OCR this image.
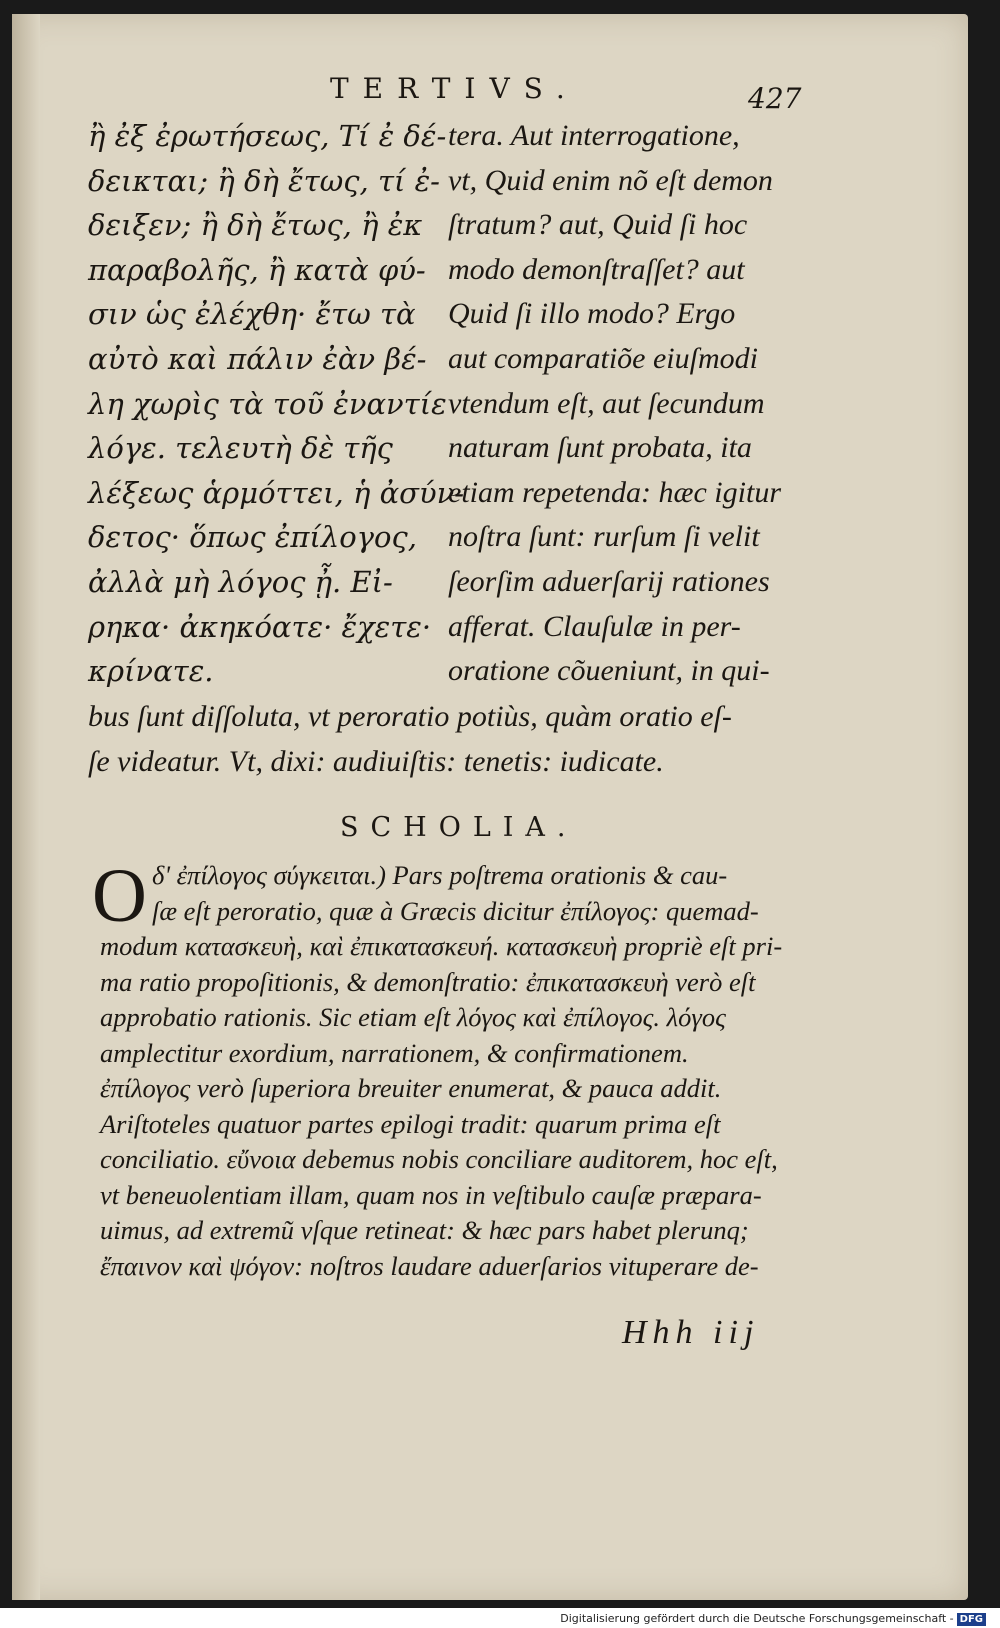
TERTIVS.	427
ἢ ἐξ ἐρωτήσεως, Τί ἐ δέ-
δεικται; ἢ δὴ ἔτως, τί ἐ-
δειξεν; ἢ δὴ ἔτως, ἢ ἐκ
παραβολῆς, ἢ κατὰ φύ-
σιν ὡς ἐλέχθη· ἔτω τὰ
αὐτὸ καὶ πάλιν ἐὰν βέ-
λη χωρὶς τὰ τοῦ ἐναντίε
λόγε. τελευτὴ δὲ τῆς
λέξεως ἁρμόττει, ἡ ἀσύν-
δετος· ὅπως ἐπίλογος,
ἀλλὰ μὴ λόγος ᾖ. Εἰ-
ρηκα· ἀκηκόατε· ἔχετε·
κρίνατε.
tera. Aut interrogatione,
vt, Quid enim nõ eſt demon
ſtratum? aut, Quid ſi hoc
modo demonſtraſſet? aut
Quid ſi illo modo? Ergo
aut comparatiõe eiuſmodi
vtendum eſt, aut ſecundum
naturam ſunt probata, ita
etiam repetenda: hæc igitur
noſtra ſunt: rurſum ſi velit
ſeorſim aduerſarij rationes
afferat. Clauſulæ in per-
oratione cõueniunt, in qui-
bus ſunt diſſoluta, vt peroratio potiùs, quàm oratio eſ-
ſe videatur. Vt, dixi: audiuiſtis: tenetis: iudicate.
SCHOLIA.
O δ' ἐπίλογος σύγκειται.) Pars poſtrema orationis & cau-
ſæ eſt peroratio, quæ à Græcis dicitur ἐπίλογος: quemad-
modum κατασκευὴ, καὶ ἐπικατασκευή. κατασκευὴ propriè eſt pri-
ma ratio propoſitionis, & demonſtratio: ἐπικατασκευὴ verò eſt
approbatio rationis. Sic etiam eſt λόγος καὶ ἐπίλογος. λόγος
amplectitur exordium, narrationem, & confirmationem.
ἐπίλογος verò ſuperiora breuiter enumerat, & pauca addit.
Ariſtoteles quatuor partes epilogi tradit: quarum prima eſt
conciliatio. εὔνοια debemus nobis conciliare auditorem, hoc eſt,
vt beneuolentiam illam, quam nos in veſtibulo cauſæ præpara-
uimus, ad extremũ vſque retineat: & hæc pars habet plerunq;
ἔπαινον καὶ ψόγον: noſtros laudare aduerſarios vituperare de-
Hhh iij
Digitalisierung gefördert durch die Deutsche Forschungsgemeinschaft - DFG
